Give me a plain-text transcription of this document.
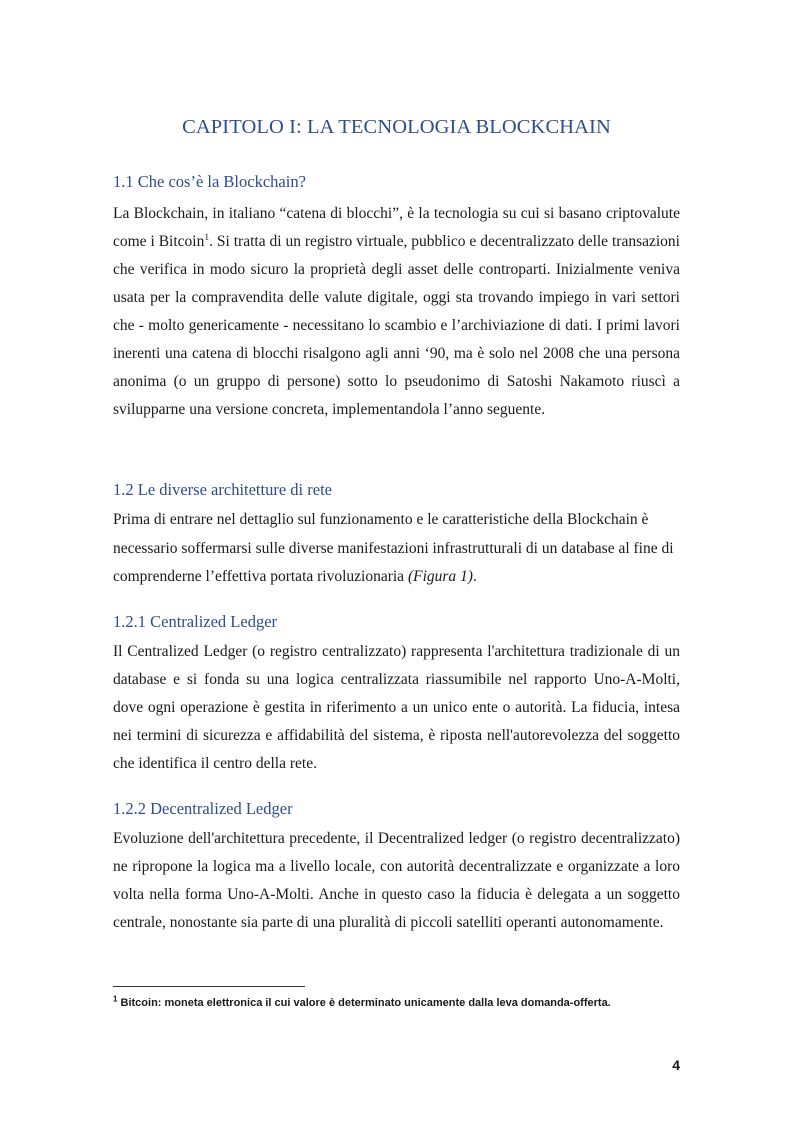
CAPITOLO I: LA TECNOLOGIA BLOCKCHAIN
1.1 Che cos’è la Blockchain?

La Blockchain, in italiano “catena di blocchi”, è la tecnologia su cui si basano criptovalute come i Bitcoin$^1$. Si tratta di un registro virtuale, pubblico e decentralizzato delle transazioni che verifica in modo sicuro la proprietà degli asset delle controparti. Inizialmente veniva usata per la compravendita delle valute digitale, oggi sta trovando impiego in vari settori che - molto genericamente - necessitano lo scambio e l’archiviazione di dati. I primi lavori inerenti una catena di blocchi risalgono agli anni ‘90, ma è solo nel 2008 che una persona anonima (o un gruppo di persone) sotto lo pseudonimo di Satoshi Nakamoto riuscì a svilupparne una versione concreta, implementandola l’anno seguente.

1.2 Le diverse architetture di rete

Prima di entrare nel dettaglio sul funzionamento e le caratteristiche della Blockchain è necessario soffermarsi sulle diverse manifestazioni infrastrutturali di un database al fine di comprenderne l’effettiva portata rivoluzionaria (Figura 1).

1.2.1 Centralized Ledger

Il Centralized Ledger (o registro centralizzato) rappresenta l'architettura tradizionale di un database e si fonda su una logica centralizzata riassumibile nel rapporto Uno-A-Molti, dove ogni operazione è gestita in riferimento a un unico ente o autorità. La fiducia, intesa nei termini di sicurezza e affidabilità del sistema, è riposta nell'autorevolezza del soggetto che identifica il centro della rete.

1.2.2 Decentralized Ledger

Evoluzione dell'architettura precedente, il Decentralized ledger (o registro decentralizzato) ne ripropone la logica ma a livello locale, con autorità decentralizzate e organizzate a loro volta nella forma Uno-A-Molti. Anche in questo caso la fiducia è delegata a un soggetto centrale, nonostante sia parte di una pluralità di piccoli satelliti operanti autonomamente.

$^1$ Bitcoin: moneta elettronica il cui valore è determinato unicamente dalla leva domanda-offerta.
4
